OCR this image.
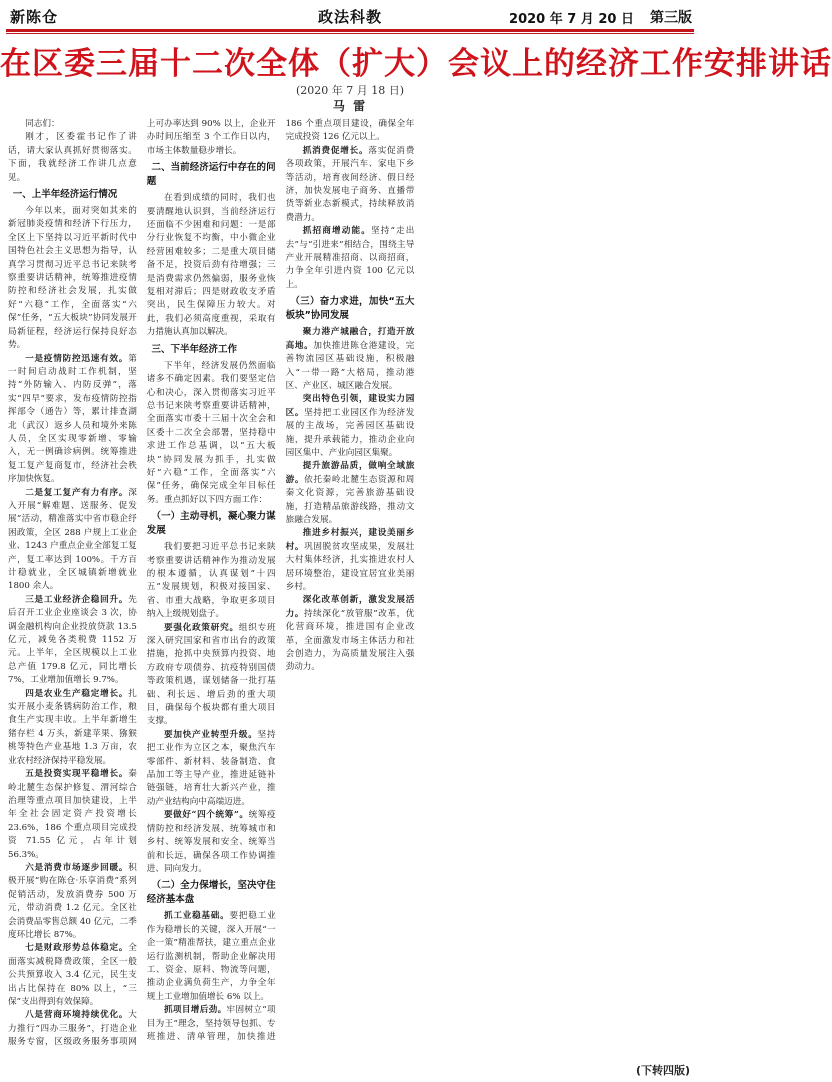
新陈仓	政法科教	2020 年 7 月 20 日 第三版
在区委三届十二次全体（扩大）会议上的经济工作安排讲话
(2020 年 7 月 18 日)
马 雷

同志们：

刚才，区委霍书记作了讲话，请大家认真抓好贯彻落实。下面，我就经济工作讲几点意见。

一、上半年经济运行情况

今年以来，面对突如其来的新冠肺炎疫情和经济下行压力，全区上下坚持以习近平新时代中国特色社会主义思想为指导，认真学习贯彻习近平总书记来陕考察重要讲话精神，统筹推进疫情防控和经济社会发展，扎实做好“六稳”工作，全面落实“六保”任务，“五大板块”协同发展开局新征程，经济运行保持良好态势。

一是疫情防控迅速有效。第一时间启动战时工作机制，坚持“外防输入、内防反弹”，落实“四早”要求，发布疫情防控指挥部令（通告）等，累计排查湖北（武汉）返乡人员和境外来陈人员，全区实现零新增、零输入，无一例确诊病例。统筹推进复工复产复商复市，经济社会秩序加快恢复。

二是复工复产有力有序。深入开展“解难题、送服务、促发展”活动，精准落实中省市稳企纾困政策，全区 288 户规上工业企业、1243 户重点企业全部复工复产，复工率达到 100%。千方百计稳就业，全区城镇新增就业 1800 余人。

三是工业经济企稳回升。先后召开工业企业座谈会 3 次，协调金融机构向企业投放贷款 13.5 亿元，减免各类税费 1152 万元。上半年，全区规模以上工业总产值 179.8 亿元，同比增长 7%，工业增加值增长 9.7%。

四是农业生产稳定增长。扎实开展小麦条锈病防治工作，粮食生产实现丰收。上半年新增生猪存栏 4 万头，新建苹果、猕猴桃等特色产业基地 1.3 万亩，农业农村经济保持平稳发展。

五是投资实现平稳增长。秦岭北麓生态保护修复、渭河综合治理等重点项目加快建设，上半年全社会固定资产投资增长 23.6%，186 个重点项目完成投资 71.55 亿元，占年计划 56.3%。

六是消费市场逐步回暖。积极开展“购在陈仓·乐享消费”系列促销活动，发放消费券 500 万元，带动消费 1.2 亿元。全区社会消费品零售总额 40 亿元，二季度环比增长 87%。

七是财政形势总体稳定。全面落实减税降费政策，全区一般公共预算收入 3.4 亿元，民生支出占比保持在 80% 以上，“三保”支出得到有效保障。

八是营商环境持续优化。大力推行“四办三服务”，打造企业服务专窗，区级政务服务事项网上可办率达到 90% 以上，企业开办时间压缩至 3 个工作日以内，市场主体数量稳步增长。

二、当前经济运行中存在的问题

在看到成绩的同时，我们也要清醒地认识到，当前经济运行还面临不少困难和问题：一是部分行业恢复不均衡，中小微企业经营困难较多；二是重大项目储备不足，投资后劲有待增强；三是消费需求仍然偏弱，服务业恢复相对滞后；四是财政收支矛盾突出，民生保障压力较大。对此，我们必须高度重视，采取有力措施认真加以解决。

三、下半年经济工作

下半年，经济发展仍然面临诸多不确定因素。我们要坚定信心和决心，深入贯彻落实习近平总书记来陕考察重要讲话精神，全面落实市委十三届十次全会和区委十二次全会部署，坚持稳中求进工作总基调，以“五大板块”协同发展为抓手，扎实做好“六稳”工作，全面落实“六保”任务，确保完成全年目标任务。重点抓好以下四方面工作：

（一）主动寻机，凝心聚力谋发展

我们要把习近平总书记来陕考察重要讲话精神作为推动发展的根本遵循，认真谋划“十四五”发展规划，积极对接国家、省、市重大战略，争取更多项目纳入上级规划盘子。

要强化政策研究。组织专班深入研究国家和省市出台的政策措施，抢抓中央预算内投资、地方政府专项债券、抗疫特别国债等政策机遇，谋划储备一批打基础、利长远、增后劲的重大项目，确保每个板块都有重大项目支撑。

要加快产业转型升级。坚持把工业作为立区之本，聚焦汽车零部件、新材料、装备制造、食品加工等主导产业，推进延链补链强链，培育壮大新兴产业，推动产业结构向中高端迈进。

要做好“四个统筹”。统筹疫情防控和经济发展、统筹城市和乡村、统筹发展和安全、统筹当前和长远，确保各项工作协调推进、同向发力。

（二）全力保增长，坚决守住经济基本盘

抓工业稳基础。要把稳工业作为稳增长的关键，深入开展“一企一策”精准帮扶，建立重点企业运行监测机制，帮助企业解决用工、资金、原料、物流等问题，推动企业满负荷生产，力争全年规上工业增加值增长 6% 以上。

抓项目增后劲。牢固树立“项目为王”理念，坚持领导包抓、专班推进、清单管理，加快推进 186 个重点项目建设，确保全年完成投资 126 亿元以上。

抓消费促增长。落实促消费各项政策，开展汽车、家电下乡等活动，培育夜间经济、假日经济，加快发展电子商务、直播带货等新业态新模式，持续释放消费潜力。

抓招商增动能。坚持“走出去”与“引进来”相结合，围绕主导产业开展精准招商、以商招商，力争全年引进内资 100 亿元以上。

（三）奋力求进，加快“五大板块”协同发展

聚力港产城融合，打造开放高地。加快推进陈仓港建设，完善物流园区基础设施，积极融入“一带一路”大格局，推动港区、产业区、城区融合发展。

突出特色引领，建设实力园区。坚持把工业园区作为经济发展的主战场，完善园区基础设施，提升承载能力，推动企业向园区集中、产业向园区集聚。

提升旅游品质，做响全域旅游。依托秦岭北麓生态资源和周秦文化资源，完善旅游基础设施，打造精品旅游线路，推动文旅融合发展。

推进乡村振兴，建设美丽乡村。巩固脱贫攻坚成果，发展壮大村集体经济，扎实推进农村人居环境整治，建设宜居宜业美丽乡村。

深化改革创新，激发发展活力。持续深化“放管服”改革，优化营商环境，推进国有企业改革，全面激发市场主体活力和社会创造力，为高质量发展注入强劲动力。

(下转四版)
